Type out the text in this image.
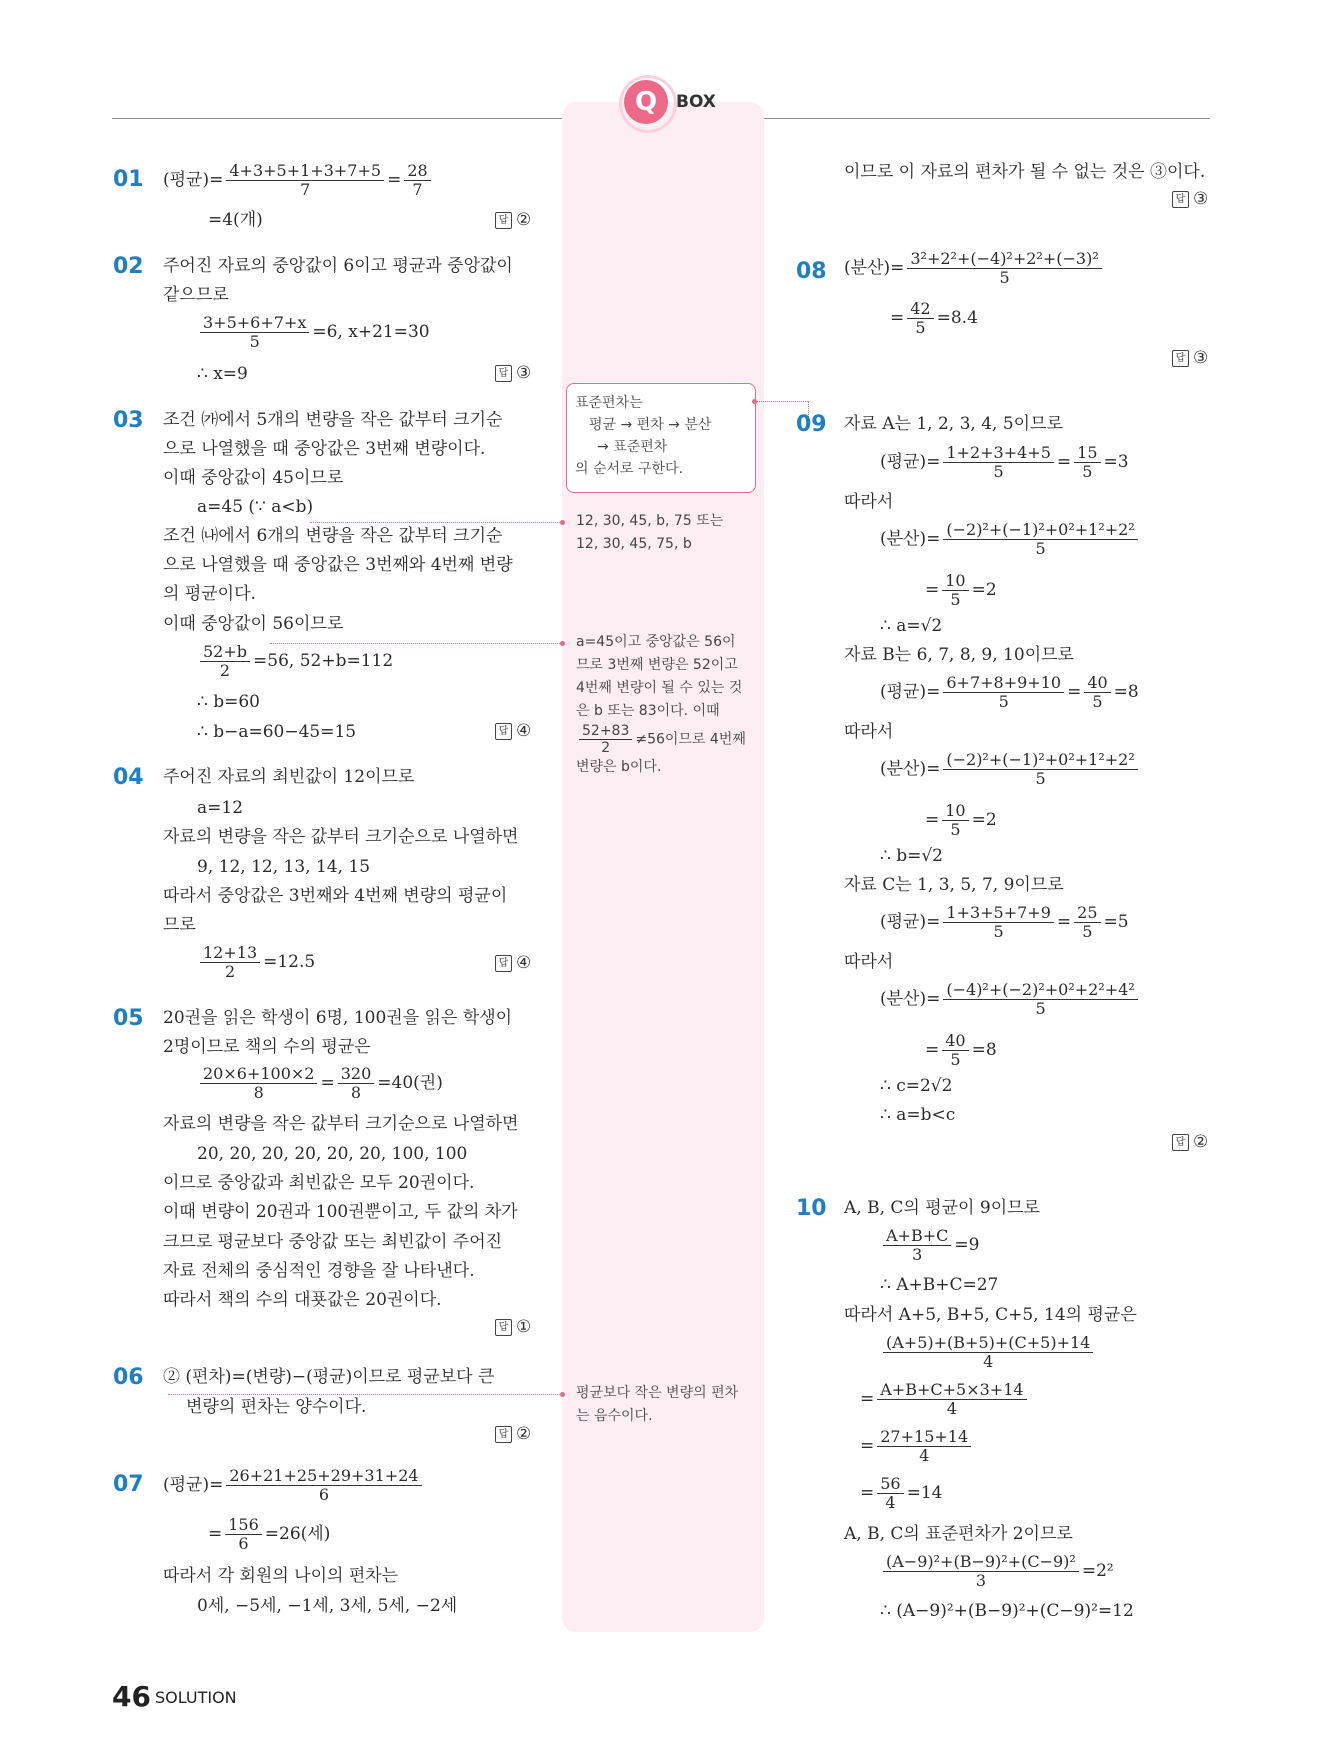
Q	BOX
표준편차는
평균 → 편차 → 분산
→ 표준편차
의 순서로 구한다.
12, 30, 45, b, 75 또는
12, 30, 45, 75, b
a=45이고 중앙값은 56이
므로 3번째 변량은 52이고
4번째 변량이 될 수 있는 것
은 b 또는 83이다. 이때
$\frac{52+83}{2} \ne 56$이므로 4번째
변량은 b이다.
평균보다 작은 변량의 편차
는 음수이다.
01 (평균)= $\frac{4+3+5+1+3+7+5}{7} = \frac{28}{7}$
=4(개)	답 ②
02 주어진 자료의 중앙값이 6이고 평균과 중앙값이
같으므로
$\frac{3+5+6+7+x}{5} =6$, x+21=30
∴ x=9	답 ③
03 조건 ㈎에서 5개의 변량을 작은 값부터 크기순
으로 나열했을 때 중앙값은 3번째 변량이다.
이때 중앙값이 45이므로
a=45 (∵ a<b)
조건 ㈏에서 6개의 변량을 작은 값부터 크기순
으로 나열했을 때 중앙값은 3번째와 4번째 변량
의 평균이다.
이때 중앙값이 56이므로
$\frac{52+b}{2} =56$, 52+b=112
∴ b=60
∴ b−a=60−45=15	답 ④
04 주어진 자료의 최빈값이 12이므로
a=12
자료의 변량을 작은 값부터 크기순으로 나열하면
9, 12, 12, 13, 14, 15
따라서 중앙값은 3번째와 4번째 변량의 평균이
므로
$\frac{12+13}{2} =12.5$	답 ④
05 20권을 읽은 학생이 6명, 100권을 읽은 학생이
2명이므로 책의 수의 평균은
$\frac{20\times 6+100\times 2}{8} = \frac{320}{8} =40$(권)
자료의 변량을 작은 값부터 크기순으로 나열하면
20, 20, 20, 20, 20, 20, 100, 100
이므로 중앙값과 최빈값은 모두 20권이다.
이때 변량이 20권과 100권뿐이고, 두 값의 차가
크므로 평균보다 중앙값 또는 최빈값이 주어진
자료 전체의 중심적인 경향을 잘 나타낸다.
따라서 책의 수의 대푯값은 20권이다.
답 ①
06 ② (편차)=(변량)−(평균)이므로 평균보다 큰
변량의 편차는 양수이다.
답 ②
07 (평균)= $\frac{26+21+25+29+31+24}{6}$
= $\frac{156}{6} =26$(세)
따라서 각 회원의 나이의 편차는
0세, −5세, −1세, 3세, 5세, −2세
이므로 이 자료의 편차가 될 수 없는 것은 ③이다.
답 ③
08 (분산)= $\frac{\text{3²+2²+(−4)²+2²+(−3)²}}{5}$
= $\frac{42}{5} =8.4$
답 ③
09 자료 A는 1, 2, 3, 4, 5이므로
(평균)= $\frac{1+2+3+4+5}{5} = \frac{15}{5} =3$
따라서
(분산)= $\frac{\text{(−2)²+(−1)²+0²+1²+2²}}{5}$
= $\frac{10}{5} =2$
∴ a=√2
자료 B는 6, 7, 8, 9, 10이므로
(평균)= $\frac{6+7+8+9+10}{5} = \frac{40}{5} =8$
따라서
(분산)= $\frac{\text{(−2)²+(−1)²+0²+1²+2²}}{5}$
= $\frac{10}{5} =2$
∴ b=√2
자료 C는 1, 3, 5, 7, 9이므로
(평균)= $\frac{1+3+5+7+9}{5} = \frac{25}{5} =5$
따라서
(분산)= $\frac{\text{(−4)²+(−2)²+0²+2²+4²}}{5}$
= $\frac{40}{5} =8$
∴ c=2√2
∴ a=b<c
답 ②
10 A, B, C의 평균이 9이므로
$\frac{A+B+C}{3} =9$
∴ A+B+C=27
따라서 A+5, B+5, C+5, 14의 평균은
$\frac{(A+5)+(B+5)+(C+5)+14}{4}$
= $\frac{A+B+C+5\times 3+14}{4}$
= $\frac{27+15+14}{4}$
= $\frac{56}{4} =14$
A, B, C의 표준편차가 2이므로
$\frac{\text{(A−9)²+(B−9)²+(C−9)²}}{3} =2^2$
∴ (A−9)²+(B−9)²+(C−9)²=12
46 SOLUTION
